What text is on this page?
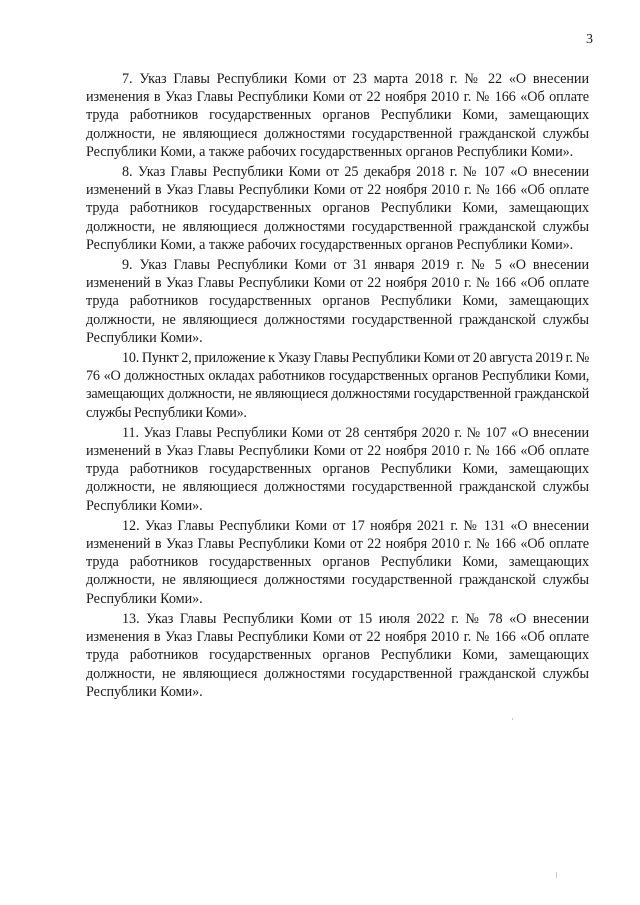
3

7. Указ Главы Республики Коми от 23 марта 2018 г. № 22 «О внесении изменения в Указ Главы Республики Коми от 22 ноября 2010 г. № 166 «Об оплате труда работников государственных органов Республики Коми, замещающих должности, не являющиеся должностями государственной гражданской службы Республики Коми, а также рабочих государственных органов Республики Коми».

8. Указ Главы Республики Коми от 25 декабря 2018 г. № 107 «О внесении изменений в Указ Главы Республики Коми от 22 ноября 2010 г. № 166 «Об оплате труда работников государственных органов Республики Коми, замещающих должности, не являющиеся должностями государственной гражданской службы Республики Коми, а также рабочих государственных органов Республики Коми».

9. Указ Главы Республики Коми от 31 января 2019 г. № 5 «О внесении изменений в Указ Главы Республики Коми от 22 ноября 2010 г. № 166 «Об оплате труда работников государственных органов Республики Коми, замещающих должности, не являющиеся должностями государственной гражданской службы Республики Коми».

10. Пункт 2, приложение к Указу Главы Республики Коми от 20 августа 2019 г. № 76 «О должностных окладах работников государственных органов Республики Коми, замещающих должности, не являющиеся должностями государственной гражданской службы Республики Коми».

11. Указ Главы Республики Коми от 28 сентября 2020 г. № 107 «О внесении изменений в Указ Главы Республики Коми от 22 ноября 2010 г. № 166 «Об оплате труда работников государственных органов Республики Коми, замещающих должности, не являющиеся должностями государственной гражданской службы Республики Коми».

12. Указ Главы Республики Коми от 17 ноября 2021 г. № 131 «О внесении изменений в Указ Главы Республики Коми от 22 ноября 2010 г. № 166 «Об оплате труда работников государственных органов Республики Коми, замещающих должности, не являющиеся должностями государственной гражданской службы Республики Коми».

13. Указ Главы Республики Коми от 15 июля 2022 г. № 78 «О внесении изменения в Указ Главы Республики Коми от 22 ноября 2010 г. № 166 «Об оплате труда работников государственных органов Республики Коми, замещающих должности, не являющиеся должностями государственной гражданской службы Республики Коми».
